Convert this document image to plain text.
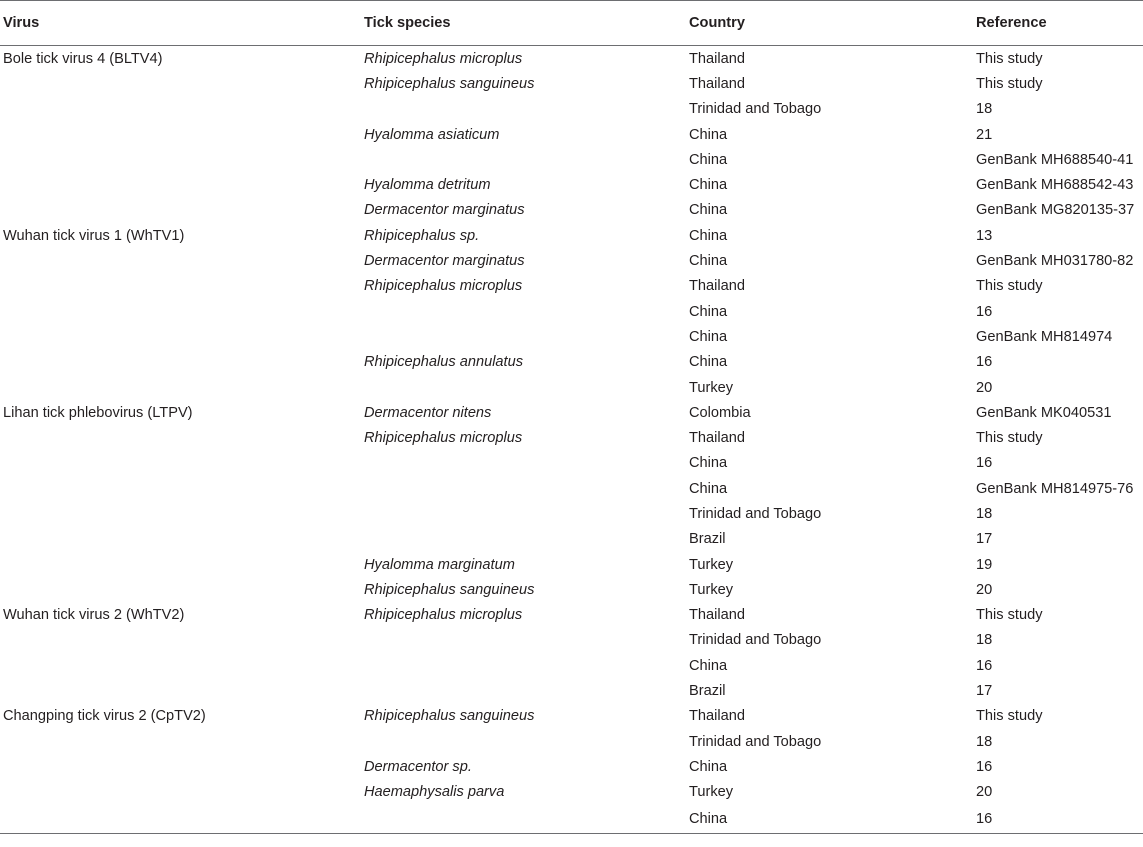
Virus	Tick species	Country	Reference
Bole tick virus 4 (BLTV4)	Rhipicephalus microplus	Thailand	This study
	Rhipicephalus sanguineus	Thailand	This study
		Trinidad and Tobago	18
	Hyalomma asiaticum	China	21
		China	GenBank MH688540-41
	Hyalomma detritum	China	GenBank MH688542-43
	Dermacentor marginatus	China	GenBank MG820135-37
Wuhan tick virus 1 (WhTV1)	Rhipicephalus sp.	China	13
	Dermacentor marginatus	China	GenBank MH031780-82
	Rhipicephalus microplus	Thailand	This study
		China	16
		China	GenBank MH814974
	Rhipicephalus annulatus	China	16
		Turkey	20
Lihan tick phlebovirus (LTPV)	Dermacentor nitens	Colombia	GenBank MK040531
	Rhipicephalus microplus	Thailand	This study
		China	16
		China	GenBank MH814975-76
		Trinidad and Tobago	18
		Brazil	17
	Hyalomma marginatum	Turkey	19
	Rhipicephalus sanguineus	Turkey	20
Wuhan tick virus 2 (WhTV2)	Rhipicephalus microplus	Thailand	This study
		Trinidad and Tobago	18
		China	16
		Brazil	17
Changping tick virus 2 (CpTV2)	Rhipicephalus sanguineus	Thailand	This study
		Trinidad and Tobago	18
	Dermacentor sp.	China	16
	Haemaphysalis parva	Turkey	20
		China	16
